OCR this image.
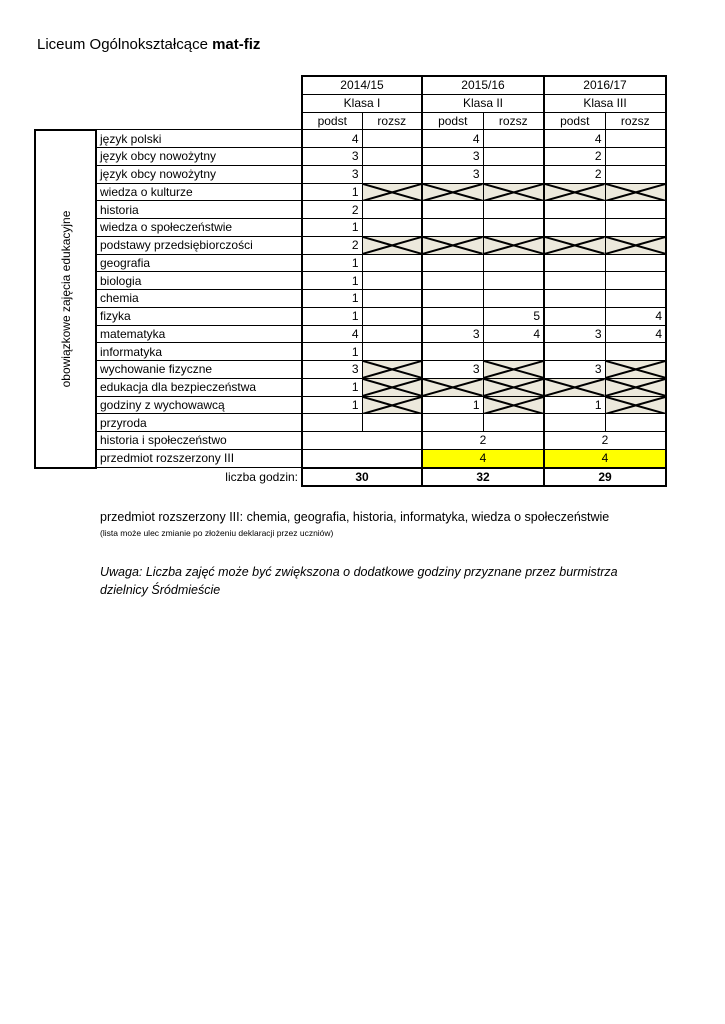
Liceum Ogólnokształcące mat-fiz
		2014/15		2015/16		2016/17	
		Klasa I		Klasa II		Klasa III	
		podst	rozsz	podst	rozsz	podst	rozsz

obowiązkowe zajęcia edukacyjne	język polski	4		4		4	
	język obcy nowożytny	3		3		2	
	język obcy nowożytny	3		3		2	
	wiedza o kulturze	1	

	historia	2					
	wiedza o społeczeństwie	1					
	podstawy przedsiębiorczości	2	

	geografia	1					
	biologia	1					
	chemia	1					
	fizyka	1			5		4
	matematyka	4		3	4	3	4
	informatyka	1					
	wychowanie fizyczne	3		3		3	

	edukacja dla bezpieczeństwa	1	

	godziny z wychowawcą	1		1		1	

	przyroda						
	historia i społeczeństwo			2		2	
	przedmiot rozszerzony III			4		4	
	liczba godzin:	30		32		29	
przedmiot rozszerzony III: chemia, geografia, historia, informatyka, wiedza o społeczeństwie
(lista może ulec zmianie po złożeniu deklaracji przez uczniów)
Uwaga: Liczba zajęć może być zwiększona o dodatkowe godziny przyznane przez burmistrza dzielnicy Śródmieście
